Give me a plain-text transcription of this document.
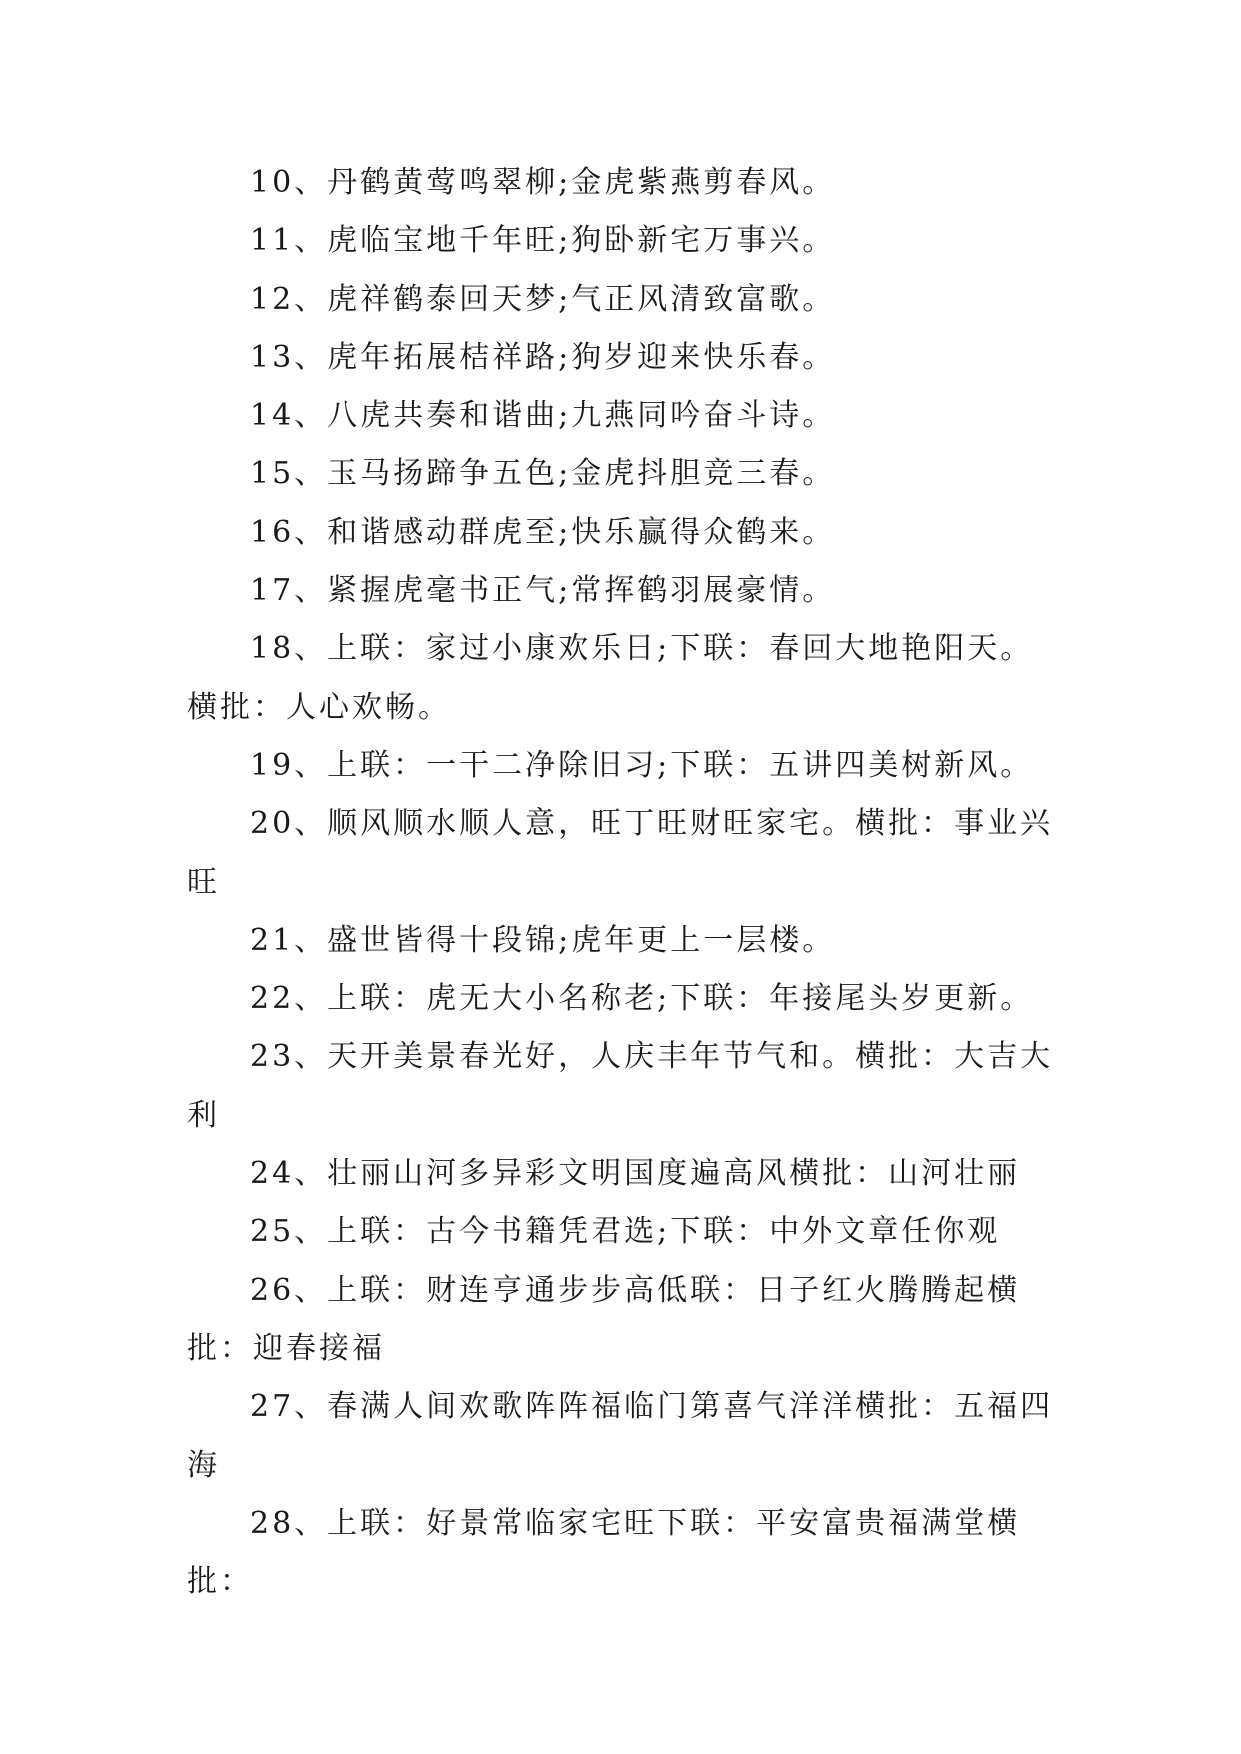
10、丹鹤黄莺鸣翠柳;金虎紫燕剪春风。

11、虎临宝地千年旺;狗卧新宅万事兴。

12、虎祥鹤泰回天梦;气正风清致富歌。

13、虎年拓展桔祥路;狗岁迎来快乐春。

14、八虎共奏和谐曲;九燕同吟奋斗诗。

15、玉马扬蹄争五色;金虎抖胆竞三春。

16、和谐感动群虎至;快乐赢得众鹤来。

17、紧握虎毫书正气;常挥鹤羽展豪情。

18、上联：家过小康欢乐日;下联：春回大地艳阳天。横批：人心欢畅。

19、上联：一干二净除旧习;下联：五讲四美树新风。

20、顺风顺水顺人意，旺丁旺财旺家宅。横批：事业兴旺

21、盛世皆得十段锦;虎年更上一层楼。

22、上联：虎无大小名称老;下联：年接尾头岁更新。

23、天开美景春光好，人庆丰年节气和。横批：大吉大利

24、壮丽山河多异彩文明国度遍高风横批：山河壮丽

25、上联：古今书籍凭君选;下联：中外文章任你观

26、上联：财连亨通步步高低联：日子红火腾腾起横批：迎春接福

27、春满人间欢歌阵阵福临门第喜气洋洋横批：五福四海

28、上联：好景常临家宅旺下联：平安富贵福满堂横批：
